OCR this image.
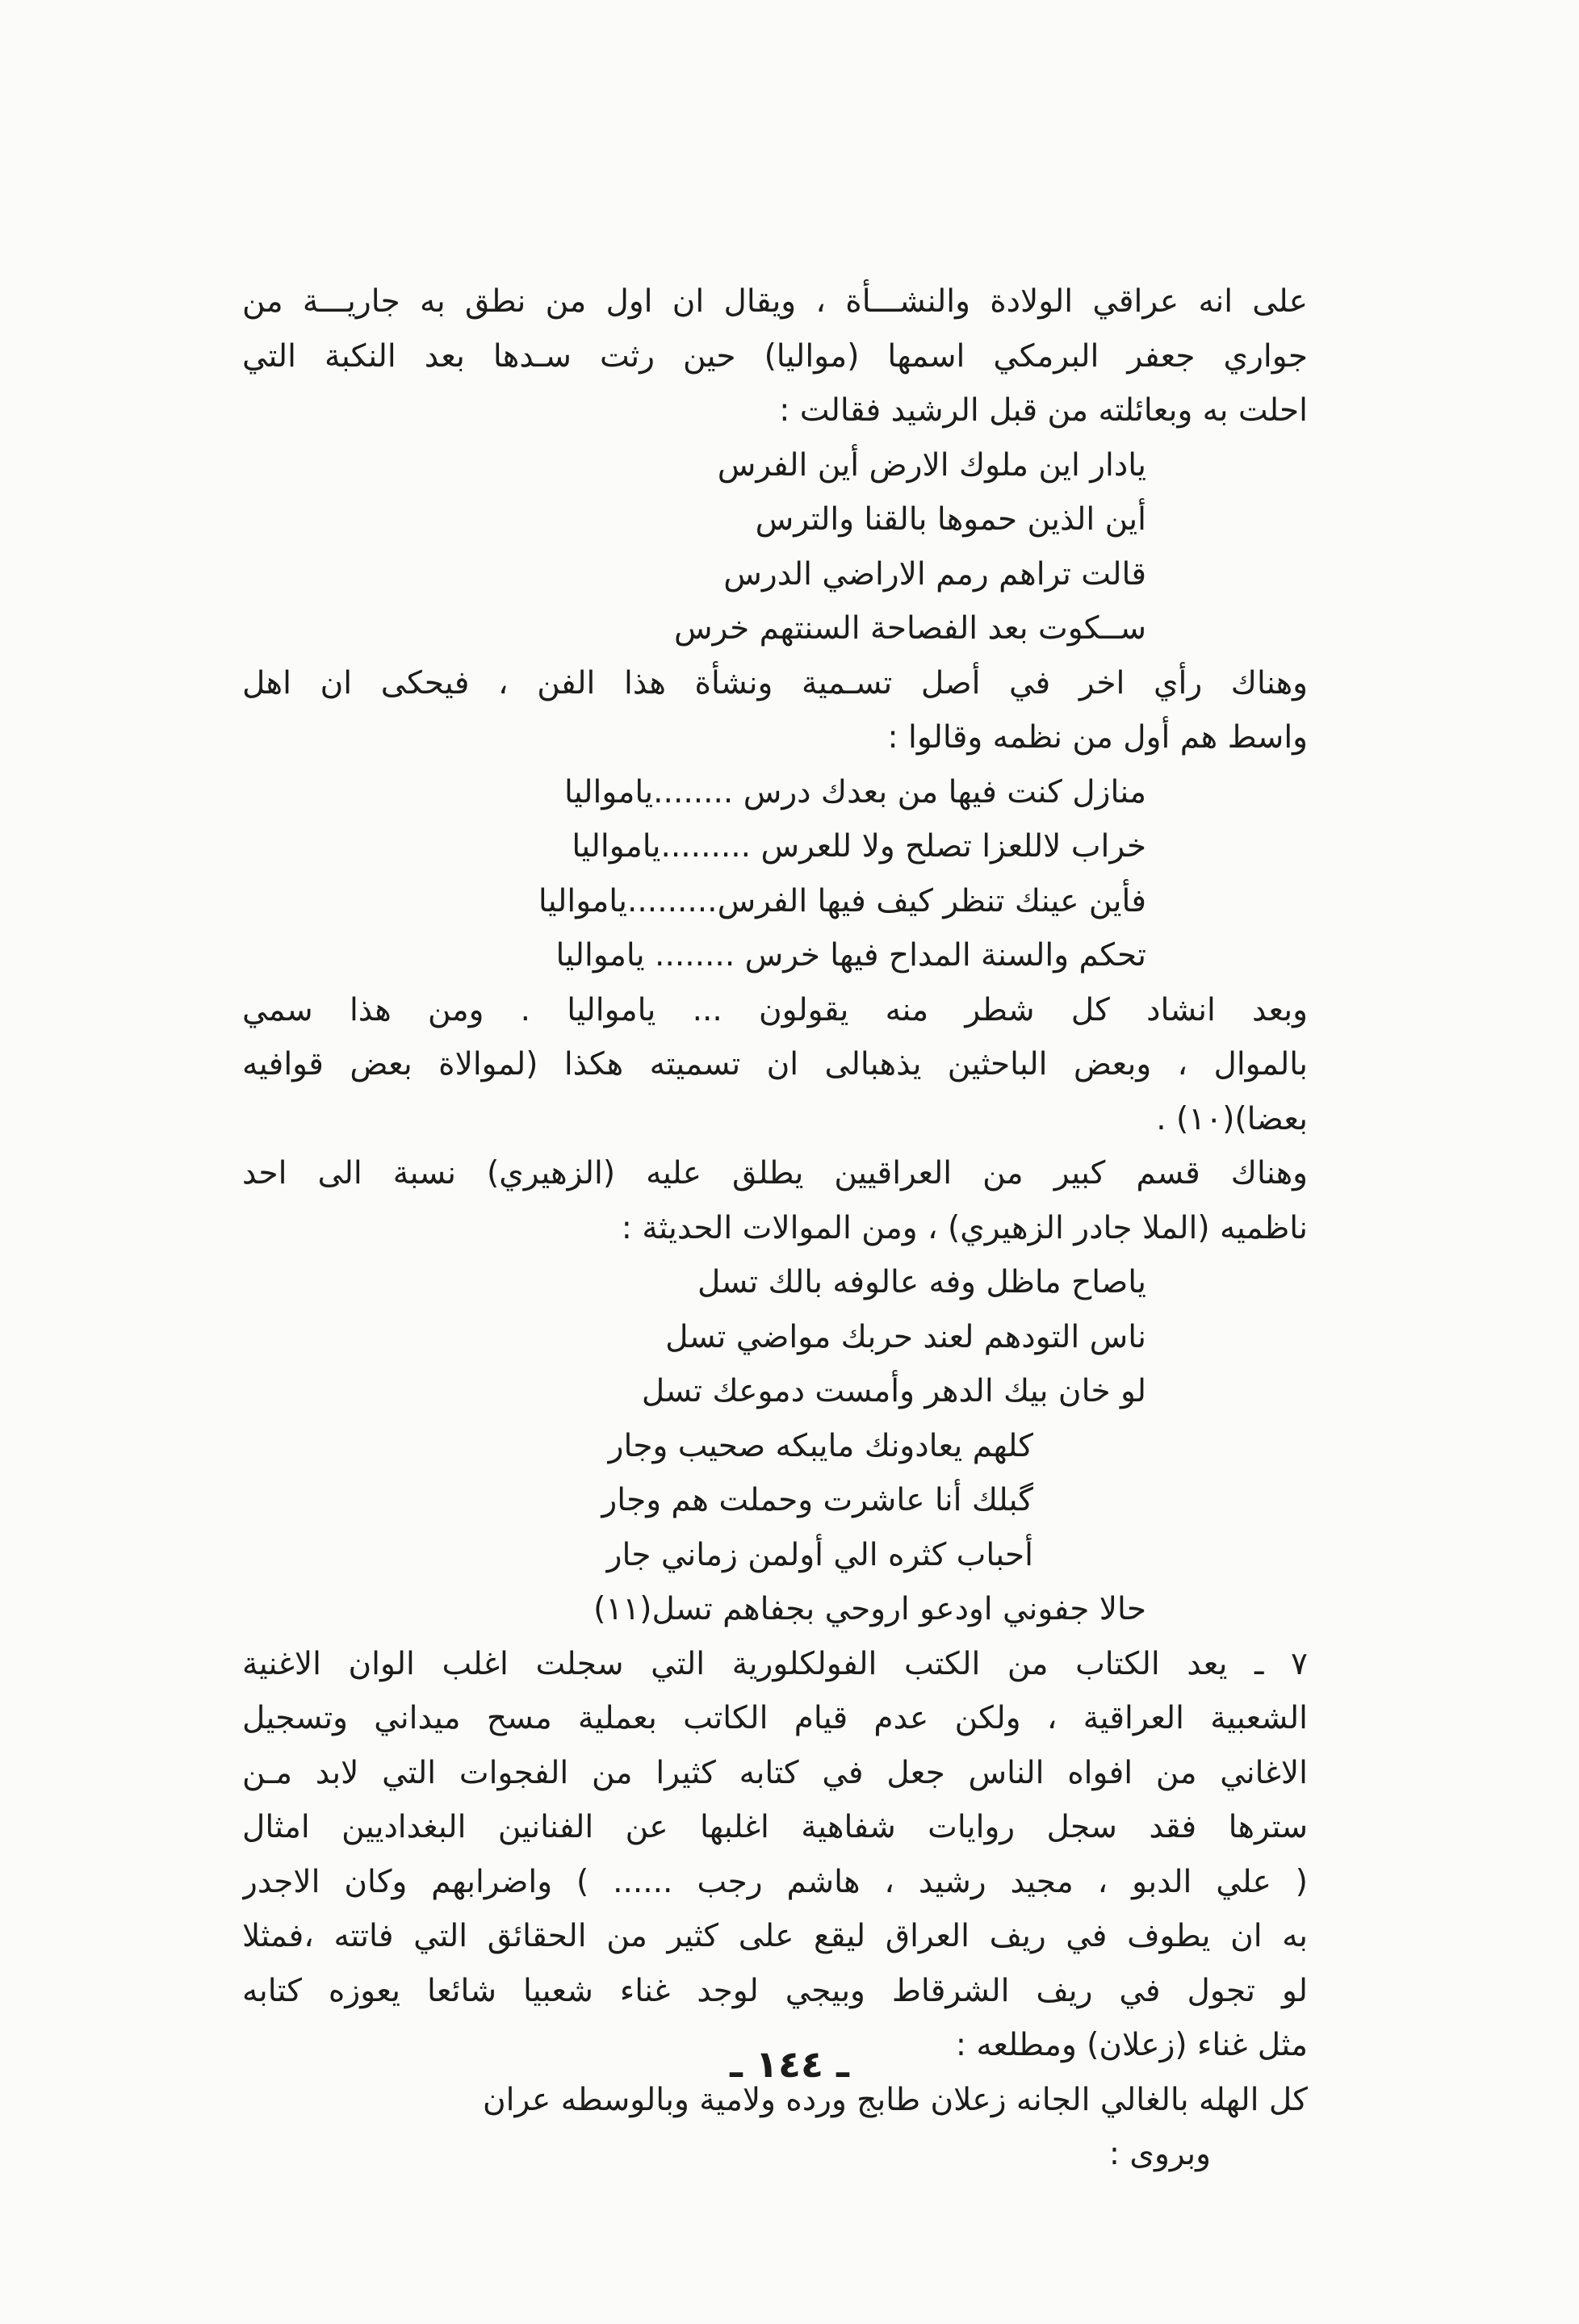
على انه عراقي الولادة والنشـــأة ، ويقال ان اول من نطق به جاريـــة من
جواري جعفر البرمكي اسمها (مواليا) حين رثت سـدها بعد النكبة التي
احلت به وبعائلته من قبل الرشيد فقالت :
يادار اين ملوك الارض أين الفرس
أين الذين حموها بالقنا والترس
قالت تراهم رمم الاراضي الدرس
ســكوت بعد الفصاحة السنتهم خرس
وهناك رأي اخر في أصل تسـمية ونشأة هذا الفن ، فيحكى ان اهل
واسط هم أول من نظمه وقالوا :
منازل كنت فيها من بعدك درس ........يامواليا
خراب لاللعزا تصلح ولا للعرس .........يامواليا
فأين عينك تنظر كيف فيها الفرس.........يامواليا
تحكم والسنة المداح فيها خرس ........ يامواليا
وبعد انشاد كل شطر منه يقولون ... ياموالیا . ومن هذا سمي
بالموال ، وبعض الباحثين يذهبالى ان تسميته هكذا (لموالاة بعض قوافيه
بعضا)(١٠) .
وهناك قسم كبير من العراقيين يطلق عليه (الزهيري) نسبة الى احد
ناظميه (الملا جادر الزهيري) ، ومن الموالات الحديثة :
ياصاح ماظل وفه عالوفه بالك تسل
ناس التودهم لعند حربك مواضي تسل
لو خان بيك الدهر وأمست دموعك تسل
كلهم يعادونك مايبكه صحيب وجار
گبلك أنا عاشرت وحملت هم وجار
أحباب كثره الي أولمن زماني جار
حالا جفوني اودعو اروحي بجفاهم تسل(١١)
٧ ـ يعد الكتاب من الكتب الفولكلورية التي سجلت اغلب الوان الاغنية
الشعبية العراقية ، ولكن عدم قيام الكاتب بعملية مسح ميداني وتسجيل
الاغاني من افواه الناس جعل في كتابه كثيرا من الفجوات التي لابد مـن
سترها فقد سجل روايات شفاهية اغلبها عن الفنانين البغداديين امثال
( علي الدبو ، مجيد رشيد ، هاشم رجب ...... ) واضرابهم وكان الاجدر
به ان يطوف في ريف العراق ليقع على كثير من الحقائق التي فاتته ،فمثلا
لو تجول في ريف الشرقاط وبيجي لوجد غناء شعبيا شائعا يعوزه كتابه
مثل غناء (زعلان) ومطلعه :
كل الهله بالغالي الجانه زعلان طابج ورده ولامية وبالوسطه عران
وبروی :
ـ ١٤٤ ـ
